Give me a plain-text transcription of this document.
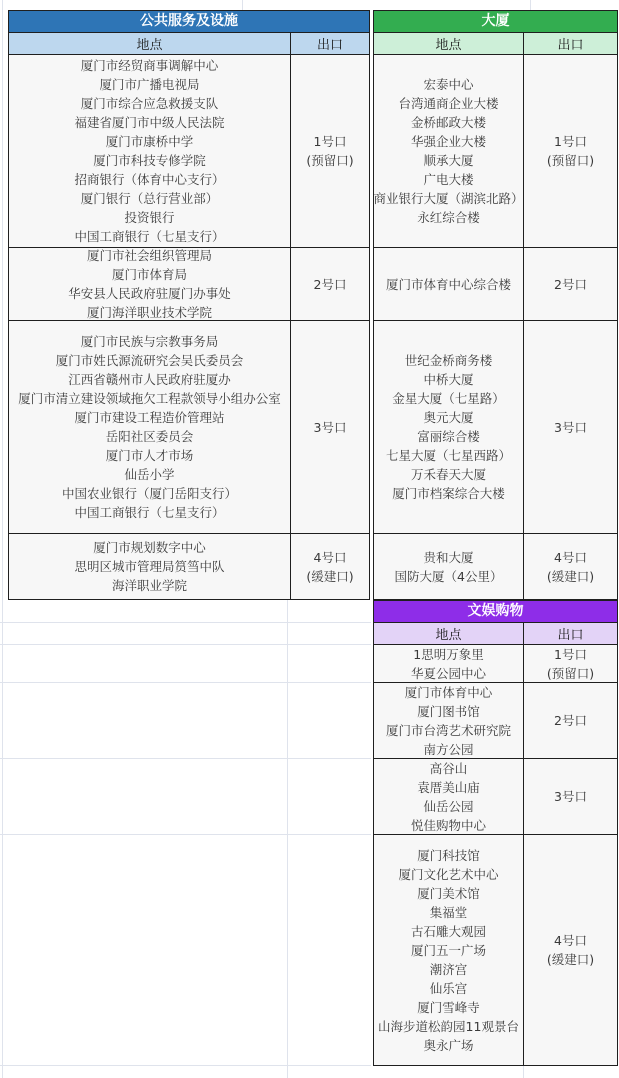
公共服务及设施
地点	出口
厦门市经贸商事调解中心
厦门市广播电视局
厦门市综合应急救援支队
福建省厦门市中级人民法院
厦门市康桥中学
厦门市科技专修学院
招商银行（体育中心支行）
厦门银行（总行营业部）
投资银行
中国工商银行（七星支行）
1号口
(预留口)
厦门市社会组织管理局
厦门市体育局
华安县人民政府驻厦门办事处
厦门海洋职业技术学院
2号口
厦门市民族与宗教事务局
厦门市姓氏源流研究会吴氏委员会
江西省赣州市人民政府驻厦办
厦门市清立建设领域拖欠工程款领导小组办公室
厦门市建设工程造价管理站
岳阳社区委员会
厦门市人才市场
仙岳小学
中国农业银行（厦门岳阳支行）
中国工商银行（七星支行）
3号口
厦门市规划数字中心
思明区城市管理局筼筜中队
海洋职业学院
4号口
(缓建口)
大厦
地点	出口
宏泰中心
台湾通商企业大楼
金桥邮政大楼
华强企业大楼
顺承大厦
广电大楼
商业银行大厦（湖滨北路）
永红综合楼
1号口
(预留口)
厦门市体育中心综合楼	2号口
世纪金桥商务楼
中桥大厦
金星大厦（七星路）
奥元大厦
富丽综合楼
七星大厦（七星西路）
万禾春天大厦
厦门市档案综合大楼
3号口
贵和大厦
国防大厦（4公里）
4号口
(缓建口)
文娱购物
地点	出口
1思明万象里
华夏公园中心
1号口
(预留口)
厦门市体育中心
厦门图书馆
厦门市台湾艺术研究院
南方公园
2号口
高谷山
袁厝美山庙
仙岳公园
悦佳购物中心
3号口
厦门科技馆
厦门文化艺术中心
厦门美术馆
集福堂
古石雕大观园
厦门五一广场
潮济宫
仙乐宫
厦门雪峰寺
山海步道松韵园11观景台
奥永广场
4号口
(缓建口)
